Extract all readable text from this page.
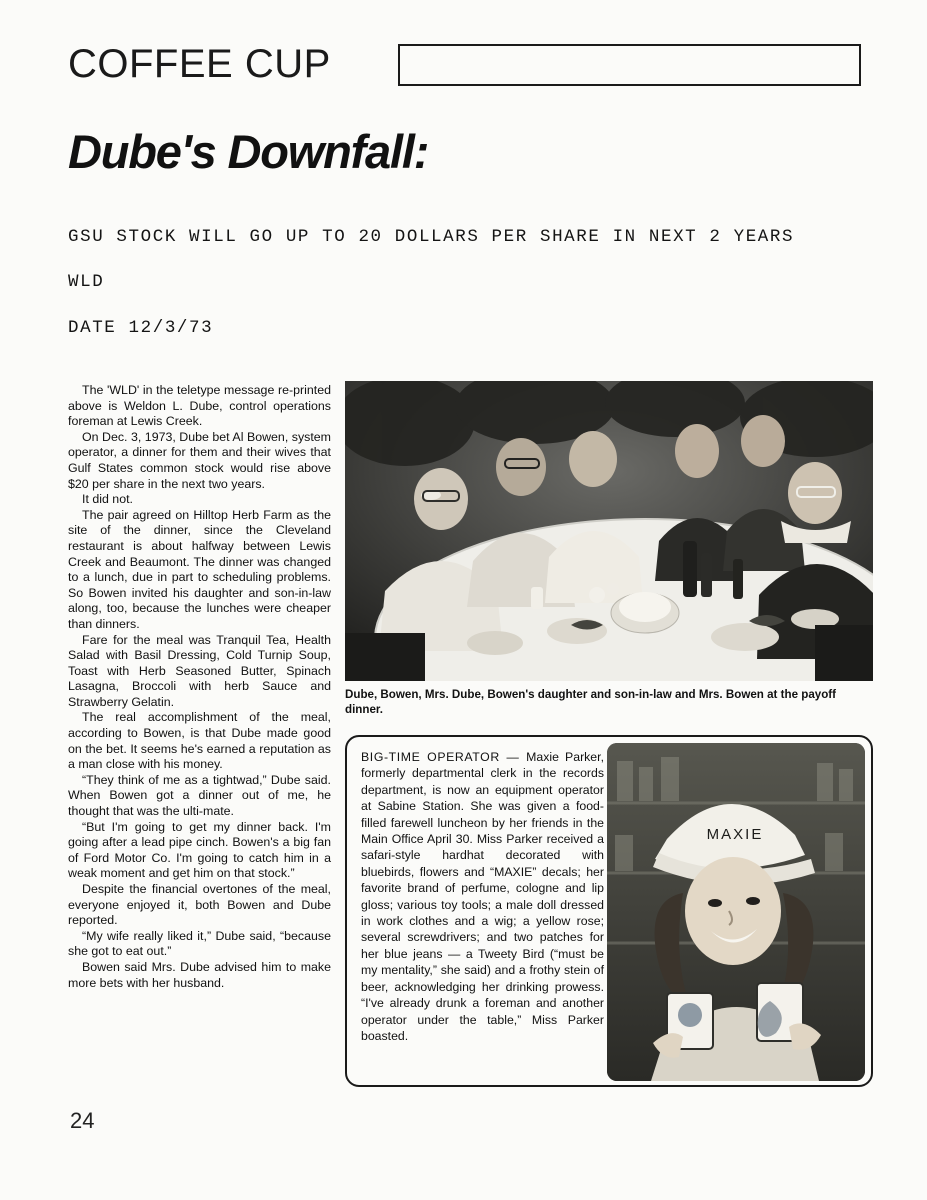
COFFEE CUP
Dube's Downfall:
GSU STOCK WILL GO UP TO 20 DOLLARS PER SHARE IN NEXT 2 YEARS
WLD
DATE 12/3/73

The 'WLD' in the teletype message re-printed above is Weldon L. Dube, control operations foreman at Lewis Creek.

On Dec. 3, 1973, Dube bet Al Bowen, system operator, a dinner for them and their wives that Gulf States common stock would rise above $20 per share in the next two years.

It did not.

The pair agreed on Hilltop Herb Farm as the site of the dinner, since the Cleveland restaurant is about halfway between Lewis Creek and Beaumont. The dinner was changed to a lunch, due in part to scheduling problems. So Bowen invited his daughter and son-in-law along, too, because the lunches were cheaper than dinners.

Fare for the meal was Tranquil Tea, Health Salad with Basil Dressing, Cold Turnip Soup, Toast with Herb Seasoned Butter, Spinach Lasagna, Broccoli with herb Sauce and Strawberry Gelatin.

The real accomplishment of the meal, according to Bowen, is that Dube made good on the bet. It seems he's earned a reputation as a man close with his money.

“They think of me as a tightwad,” Dube said. When Bowen got a dinner out of me, he thought that was the ulti-mate.

“But I'm going to get my dinner back. I'm going after a lead pipe cinch. Bowen's a big fan of Ford Motor Co. I'm going to catch him in a weak moment and get him on that stock.”

Despite the financial overtones of the meal, everyone enjoyed it, both Bowen and Dube reported.

“My wife really liked it,” Dube said, “because she got to eat out.”

Bowen said Mrs. Dube advised him to make more bets with her husband.

Dube, Bowen, Mrs. Dube, Bowen's daughter and son-in-law and Mrs. Bowen at the payoff dinner.
BIG-TIME OPERATOR — Maxie Parker, formerly departmental clerk in the records department, is now an equipment operator at Sabine Station. She was given a food-filled farewell luncheon by her friends in the Main Office April 30. Miss Parker received a safari-style hardhat decorated with bluebirds, flowers and “MAXIE” decals; her favorite brand of perfume, cologne and lip gloss; various toy tools; a male doll dressed in work clothes and a wig; a yellow rose; several screwdrivers; and two patches for her blue jeans — a Tweety Bird (“must be my mentality,” she said) and a frothy stein of beer, acknowledging her drinking prowess. “I've already drunk a foreman and another operator under the table,” Miss Parker boasted.
MAXIE
24
